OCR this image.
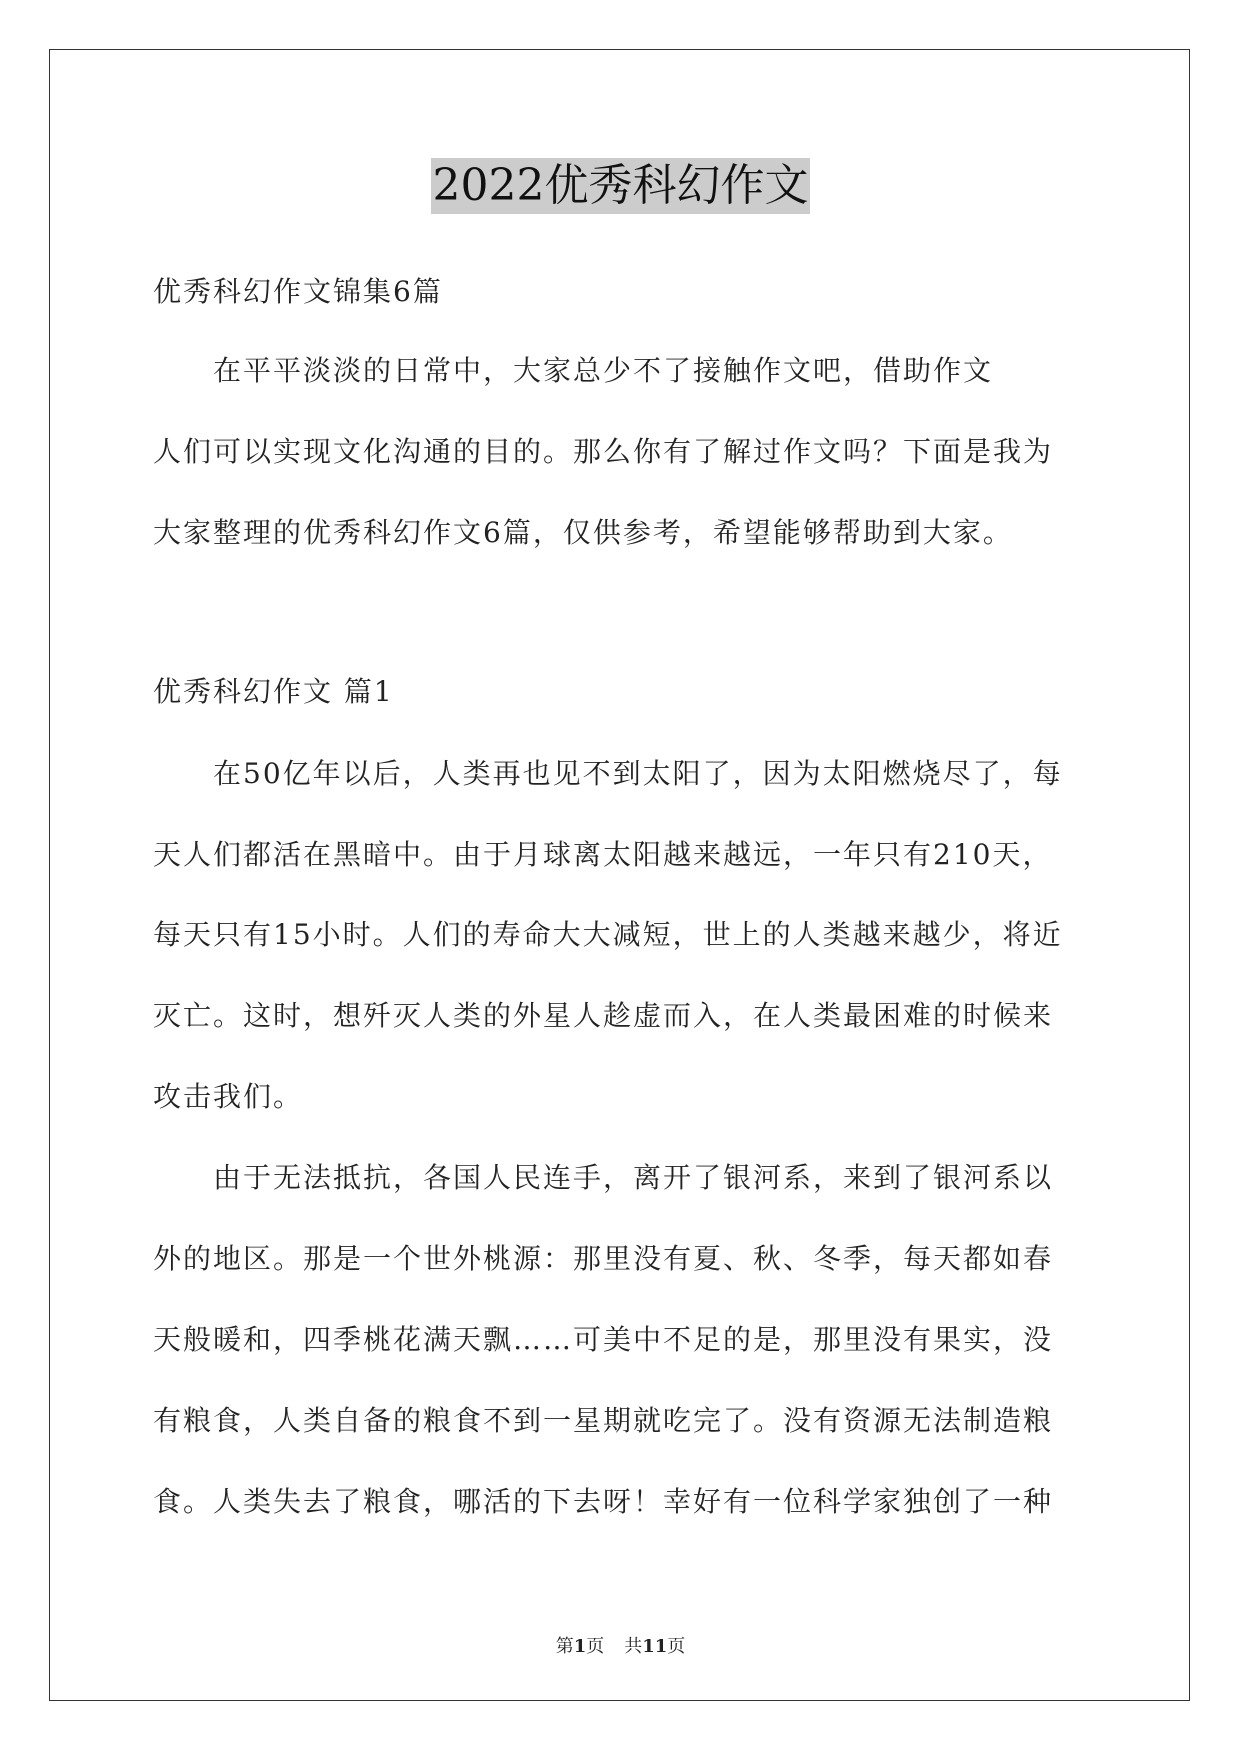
2022优秀科幻作文
优秀科幻作文锦集6篇
　　在平平淡淡的日常中，大家总少不了接触作文吧，借助作文
人们可以实现文化沟通的目的。那么你有了解过作文吗？下面是我为
大家整理的优秀科幻作文6篇，仅供参考，希望能够帮助到大家。
优秀科幻作文 篇1
　　在50亿年以后，人类再也见不到太阳了，因为太阳燃烧尽了，每
天人们都活在黑暗中。由于月球离太阳越来越远，一年只有210天，
每天只有15小时。人们的寿命大大减短，世上的人类越来越少，将近
灭亡。这时，想歼灭人类的外星人趁虚而入，在人类最困难的时候来
攻击我们。
　　由于无法抵抗，各国人民连手，离开了银河系，来到了银河系以
外的地区。那是一个世外桃源：那里没有夏、秋、冬季，每天都如春
天般暖和，四季桃花满天飘……可美中不足的是，那里没有果实，没
有粮食，人类自备的粮食不到一星期就吃完了。没有资源无法制造粮
食。人类失去了粮食，哪活的下去呀！幸好有一位科学家独创了一种
第1页 共11页
